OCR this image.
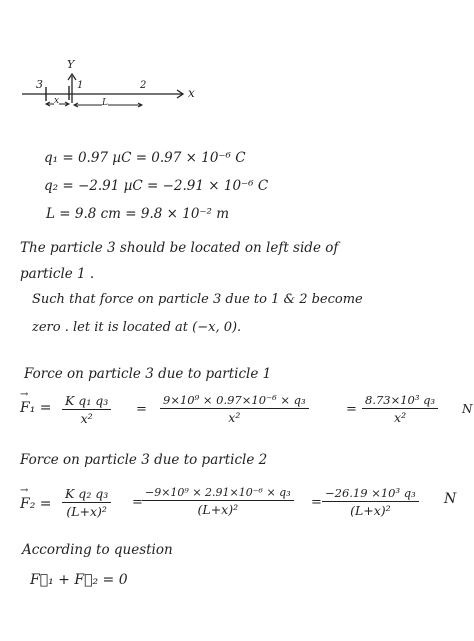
Y
x
3	1	2
x	L
q₁ = 0.97 µC = 0.97 × 10⁻⁶ C
q₂ = −2.91 µC = −2.91 × 10⁻⁶ C
L = 9.8 cm = 9.8 × 10⁻² m
The particle 3 should be located on left side of
particle 1 .
Such that force on particle 3 due to 1 & 2 become
zero . let it is located at (−x, 0).
Force on particle 3 due to particle 1
→ $F_1 = \frac{\text{K q₁ q₃}}{\text{x²}} = \frac{\text{9×10⁹ × 0.97×10⁻⁶ × q₃}}{\text{x²}}$	= $\frac{\text{8.73×10³ q₃}}{\text{x²}}$ N
Force on particle 3 due to particle 2
→ $F_2 = \frac{\text{K q₂ q₃}}{\text{(L+x)²}} = \frac{\text{−9×10⁹ × 2.91×10⁻⁶ × q₃}}{\text{(L+x)²}} = \frac{\text{−26.19 ×10³ q₃}}{\text{(L+x)²}}$ N
According to question
F⃗₁ + F⃗₂ = 0
